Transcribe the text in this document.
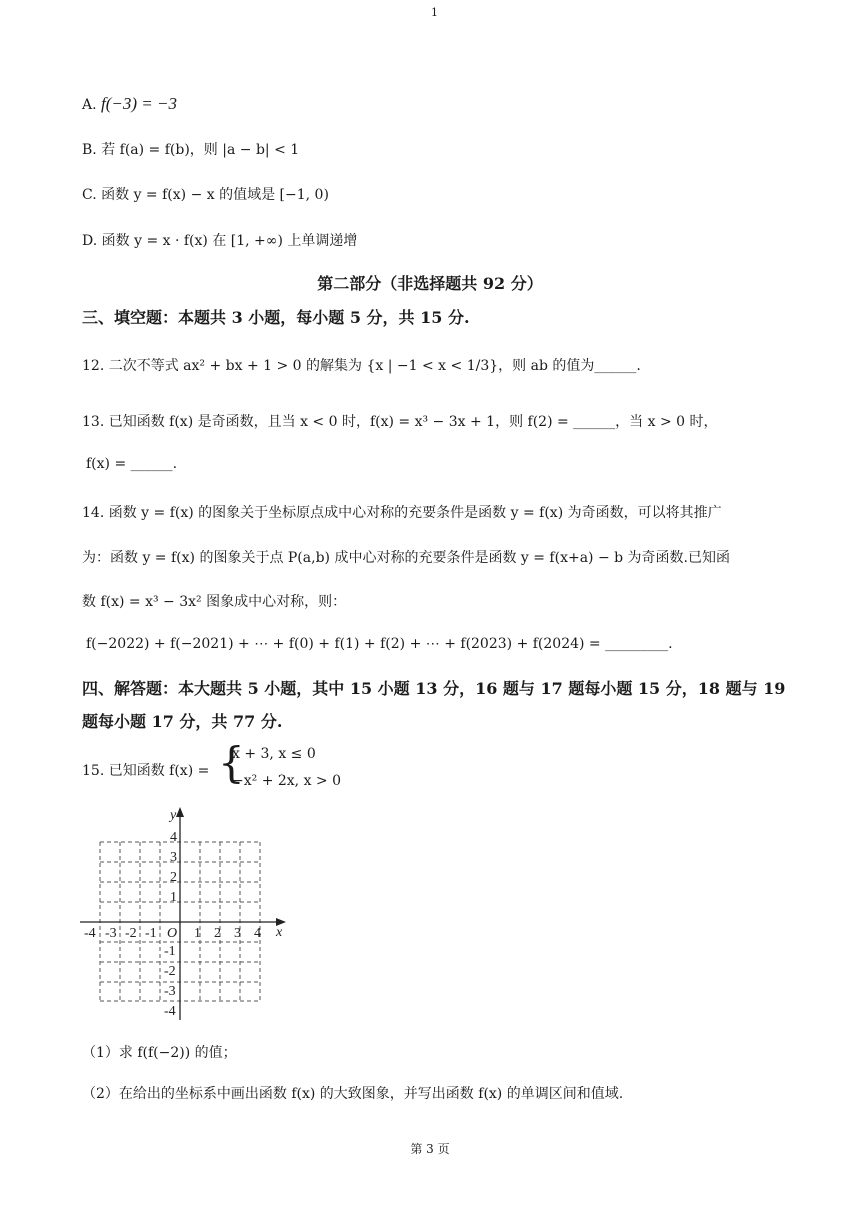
1
A. f(−3) = −3
B. 若 f(a) = f(b)，则 |a − b| < 1
C. 函数 y = f(x) − x 的值域是 [−1, 0)
D. 函数 y = x · f(x) 在 [1, +∞) 上单调递增
第二部分（非选择题共 92 分）
三、填空题：本题共 3 小题，每小题 5 分，共 15 分.
12. 二次不等式 ax² + bx + 1 > 0 的解集为 {x | −1 < x < 1/3}，则 ab 的值为______.
13. 已知函数 f(x) 是奇函数，且当 x < 0 时，f(x) = x³ − 3x + 1，则 f(2) = ______，当 x > 0 时，
f(x) = ______.
14. 函数 y = f(x) 的图象关于坐标原点成中心对称的充要条件是函数 y = f(x) 为奇函数，可以将其推广
为：函数 y = f(x) 的图象关于点 P(a,b) 成中心对称的充要条件是函数 y = f(x+a) − b 为奇函数.已知函
数 f(x) = x³ − 3x² 图象成中心对称，则：
f(−2022) + f(−2021) + ⋯ + f(0) + f(1) + f(2) + ⋯ + f(2023) + f(2024) = _________.
四、解答题：本大题共 5 小题，其中 15 小题 13 分，16 题与 17 题每小题 15 分，18 题与 19
题每小题 17 分，共 77 分.
15. 已知函数 f(x) = {
x + 3, x ≤ 0
−x² + 2x, x > 0
x
y
O
-4 -3 -2 -1	1 2 3 4
4
3
2
1
-1
-2
-3
-4
（1）求 f(f(−2)) 的值；
（2）在给出的坐标系中画出函数 f(x) 的大致图象，并写出函数 f(x) 的单调区间和值域.
第 3 页
